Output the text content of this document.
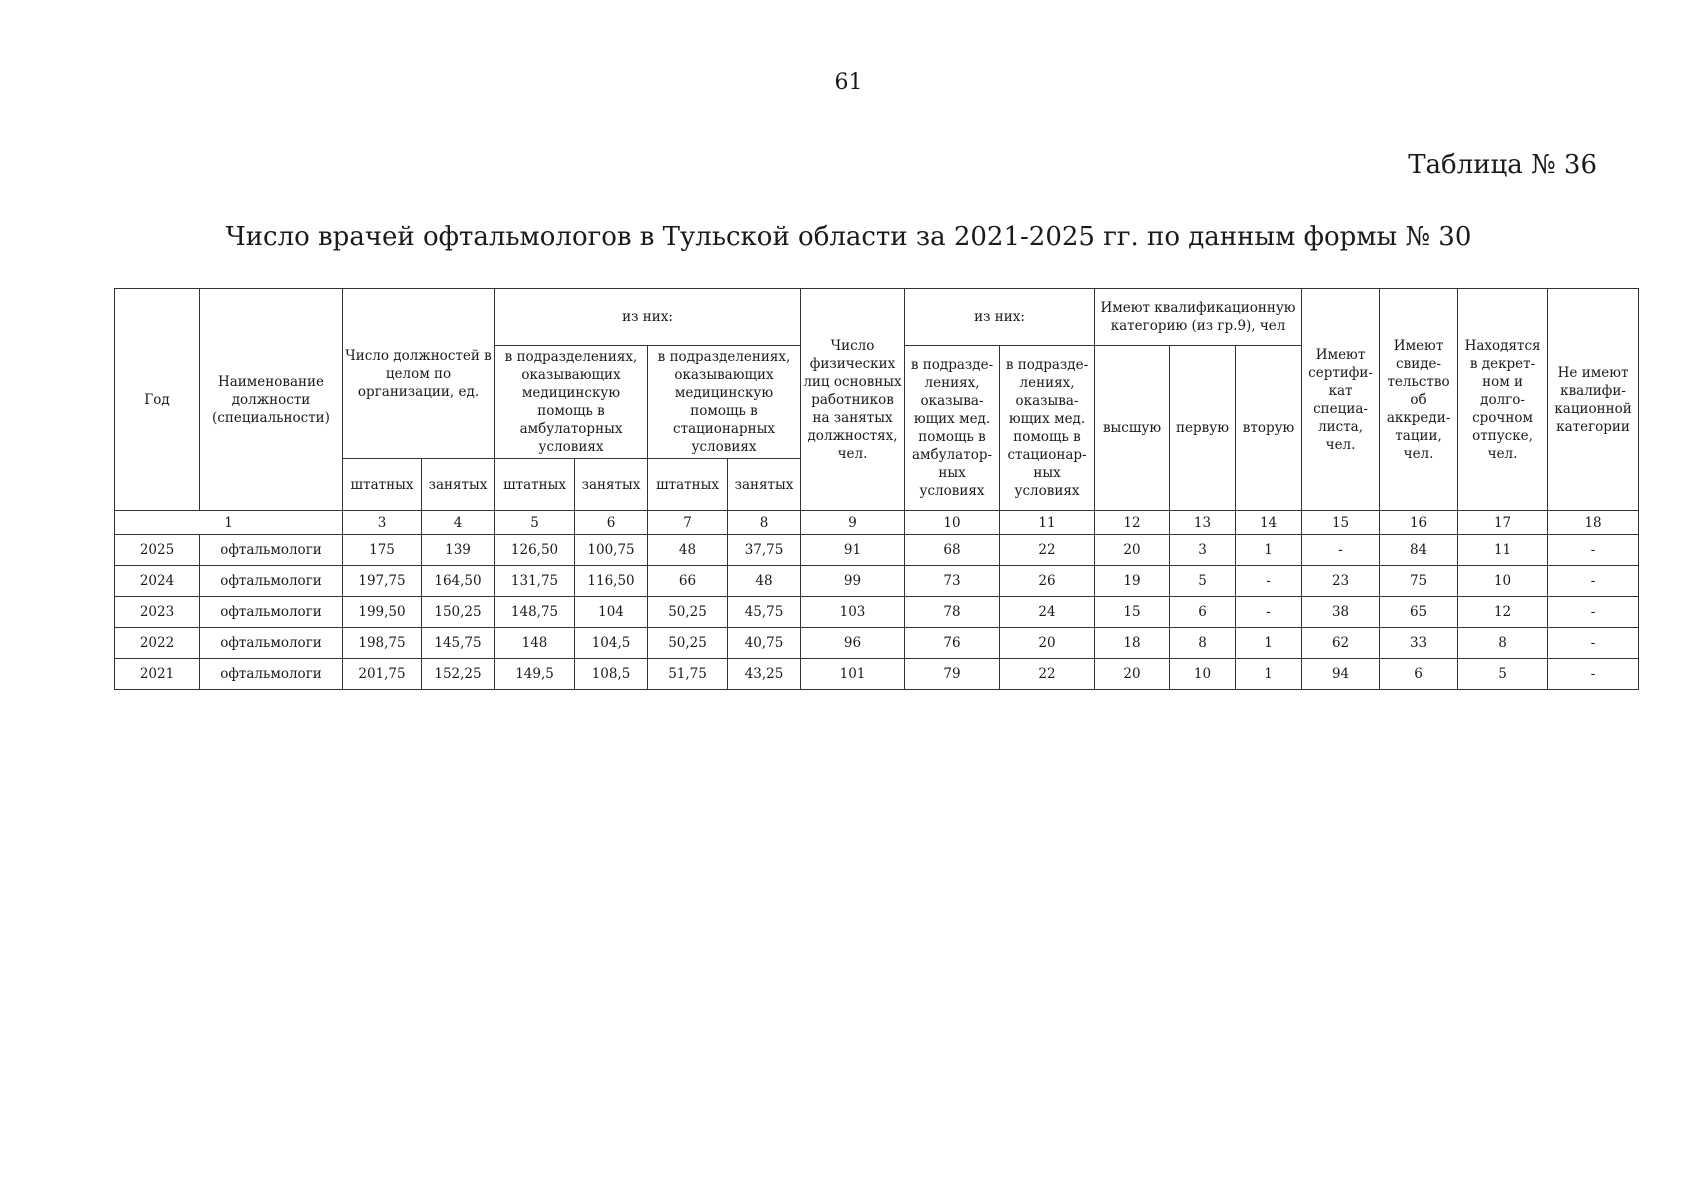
61
Таблица № 36
Число врачей офтальмологов в Тульской области за 2021-2025 гг. по данным формы № 30
Год	Наименование должности (специальности)	Число должностей в целом по организации, ед.		из них:				Число физических лиц основных работников на занятых должностях, чел.	из них:		Имеют квалификационную категорию (из гр.9), чел			Имеют сертифи-кат специа-листа, чел.	Имеют свиде-тельство об аккреди-тации, чел.	Находятся в декрет-ном и долго-срочном отпуске, чел.	Не имеют квалифи-кационной категории
				в подразделениях, оказывающих медицинскую помощь в амбулаторных условиях		в подразделениях, оказывающих медицинскую помощь в стационарных условиях			в подразде-лениях, оказыва-ющих мед. помощь в амбулатор-ных условиях	в подразде-лениях, оказыва-ющих мед. помощь в стационар-ных условиях	высшую	первую	вторую				
		штатных	занятых	штатных	занятых	штатных	занятых										
1		3	4	5	6	7	8	9	10	11	12	13	14	15	16	17	18
2025	офтальмологи	175	139	126,50	100,75	48	37,75	91	68	22	20	3	1	-	84	11	-
2024	офтальмологи	197,75	164,50	131,75	116,50	66	48	99	73	26	19	5	-	23	75	10	-
2023	офтальмологи	199,50	150,25	148,75	104	50,25	45,75	103	78	24	15	6	-	38	65	12	-
2022	офтальмологи	198,75	145,75	148	104,5	50,25	40,75	96	76	20	18	8	1	62	33	8	-
2021	офтальмологи	201,75	152,25	149,5	108,5	51,75	43,25	101	79	22	20	10	1	94	6	5	-
